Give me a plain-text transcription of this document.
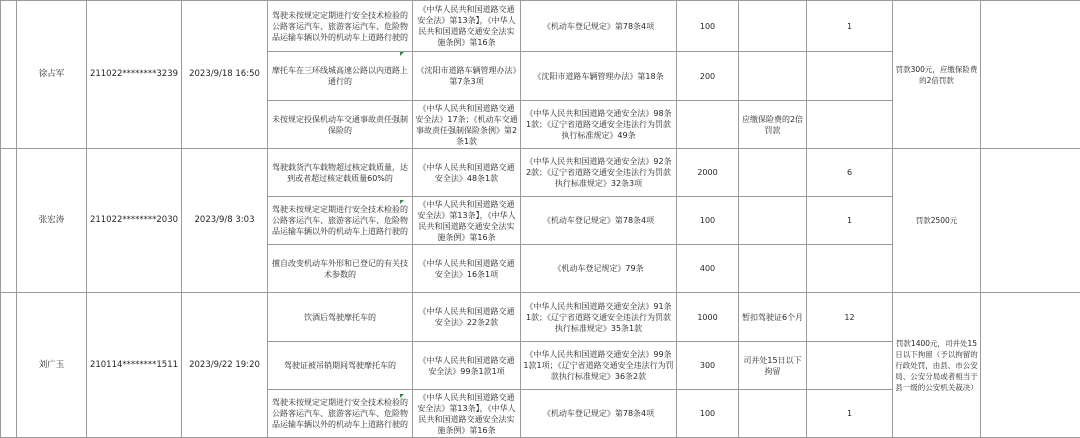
	徐占军	211022********3239	2023/9/18 16:50	驾驶未按规定定期进行安全技术检验的公路客运汽车、旅游客运汽车、危险物品运输车辆以外的机动车上道路行驶的	《中华人民共和国道路交通安全法》第13条】，《中华人民共和国道路交通安全法实施条例》第16条	《机动车登记规定》第78条4项	100		1	罚款300元，应缴保险费的2倍罚款	
				摩托车在三环线城高速公路以内道路上通行的	《沈阳市道路车辆管理办法》第7条3项	《沈阳市道路车辆管理办法》第18条	200				
				未按规定投保机动车交通事故责任强制保险的	《中华人民共和国道路交通安全法》17条；《机动车交通事故责任强制保险条例》第2条1款	《中华人民共和国道路交通安全法》98条1款；《辽宁省道路交通安全违法行为罚款执行标准规定》49条		应缴保险费的2倍罚款			
	张宏涛	211022********2030	2023/9/8 3:03	驾驶载货汽车载物超过核定载质量，达到或者超过核定载质量60%的	《中华人民共和国道路交通安全法》48条1款	《中华人民共和国道路交通安全法》92条2款；《辽宁省道路交通安全违法行为罚款执行标准规定》32条3项	2000		6	罚款2500元	
				驾驶未按规定定期进行安全技术检验的公路客运汽车、旅游客运汽车、危险物品运输车辆以外的机动车上道路行驶的	《中华人民共和国道路交通安全法》第13条】，《中华人民共和国道路交通安全法实施条例》第16条	《机动车登记规定》第78条4项	100		1		
				擅自改变机动车外形和已登记的有关技术参数的	《中华人民共和国道路交通安全法》16条1项	《机动车登记规定》79条	400				
	刘广玉	210114********1511	2023/9/22 19:20	饮酒后驾驶摩托车的	《中华人民共和国道路交通安全法》22条2款	《中华人民共和国道路交通安全法》91条1款；《辽宁省道路交通安全违法行为罚款执行标准规定》35条1款	1000	暂扣驾驶证6个月	12	罚款1400元，司并处15日以下拘留（予以拘留的行政处罚，由县、市公安局、公安分局或者相当于县一级的公安机关裁决）	
				驾驶证被吊销期间驾驶摩托车的	《中华人民共和国道路交通安全法》99条1款1项	《中华人民共和国道路交通安全法》99条1款1项；《辽宁省道路交通安全违法行为罚款执行标准规定》36条2款	300	司并处15日以下拘留			
				驾驶未按规定定期进行安全技术检验的公路客运汽车、旅游客运汽车、危险物品运输车辆以外的机动车上道路行驶的	《中华人民共和国道路交通安全法》第13条】，《中华人民共和国道路交通安全法实施条例》第16条	《机动车登记规定》第78条4项	100		1		
